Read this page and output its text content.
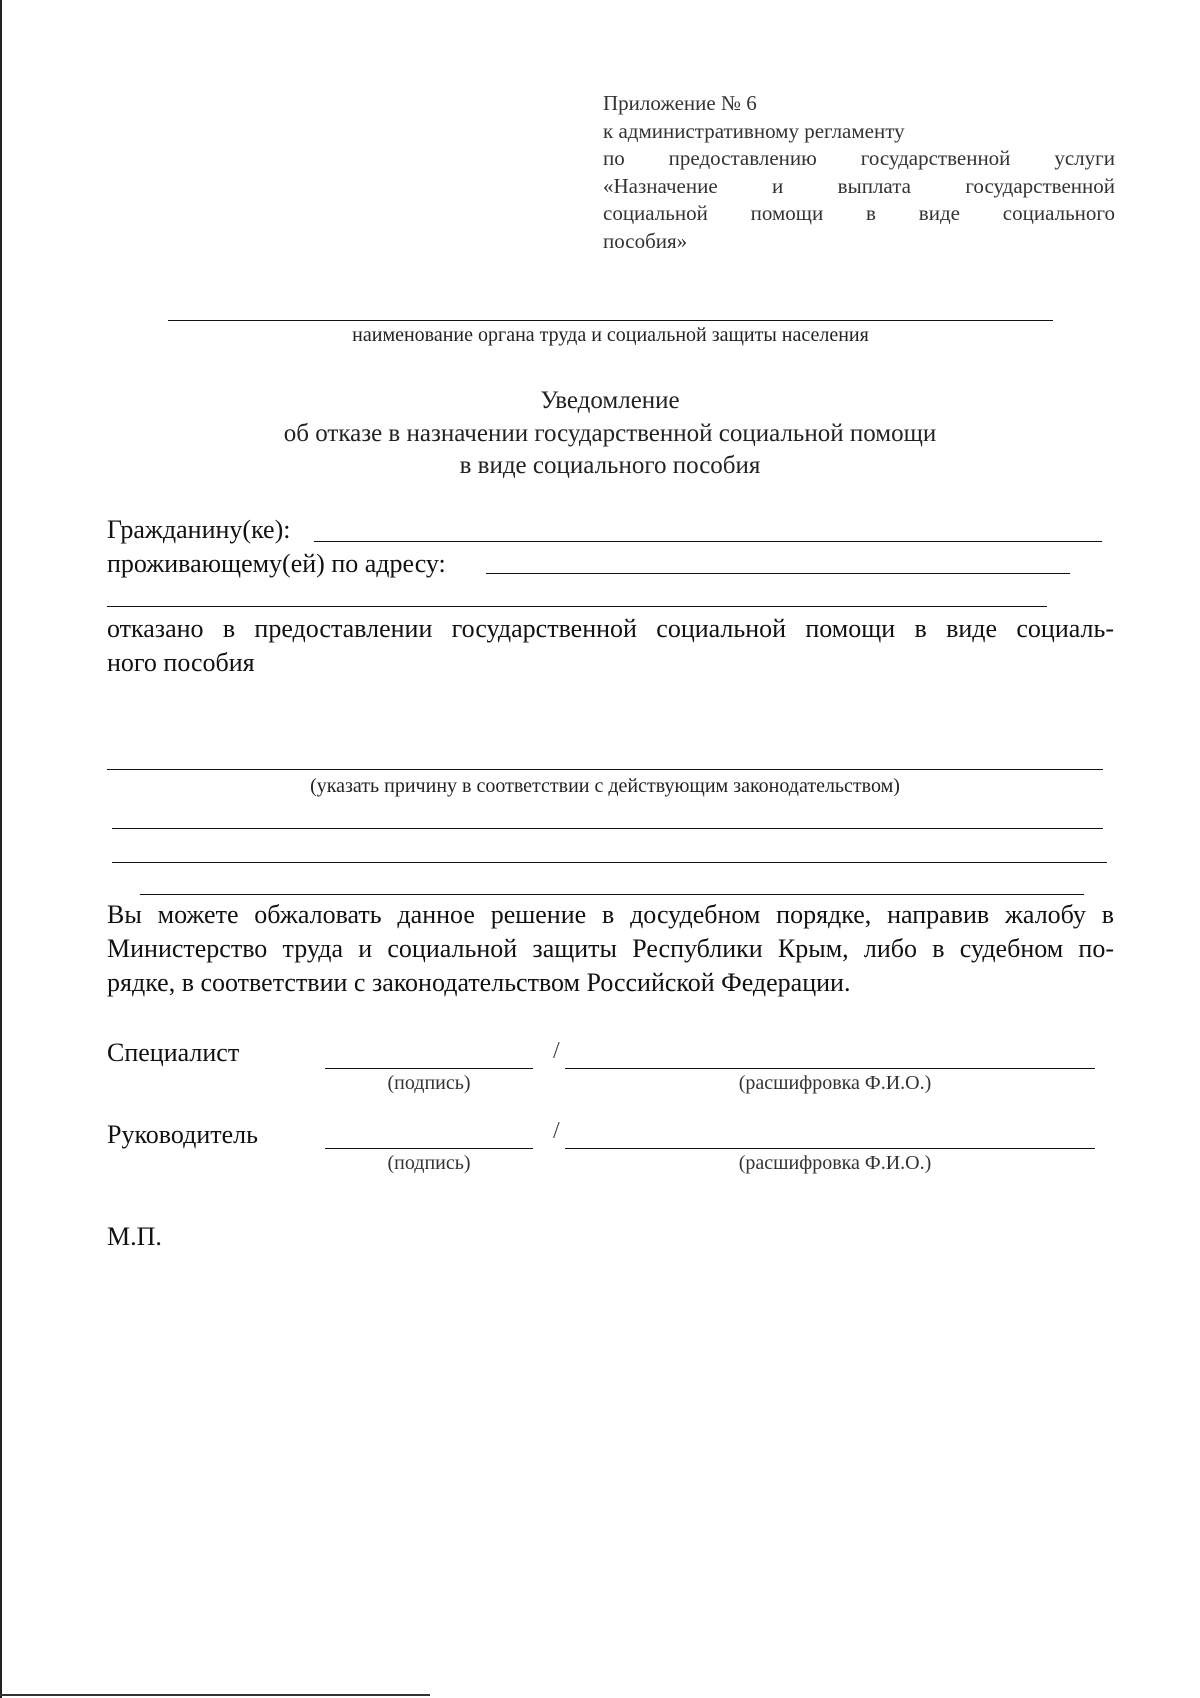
Приложение № 6
к административному регламенту
по предоставлению государственной услуги
«Назначение и выплата государственной
социальной помощи в виде социального
пособия»
наименование органа труда и социальной защиты населения
Уведомление
об отказе в назначении государственной социальной помощи
в виде социального пособия
Гражданину(ке):
проживающему(ей) по адресу:
отказано в предоставлении государственной социальной помощи в виде социаль-
ного пособия
(указать причину в соответствии с действующим законодательством)
Вы можете обжаловать данное решение в досудебном порядке, направив жалобу в
Министерство труда и социальной защиты Республики Крым, либо в судебном по-
рядке, в соответствии с законодательством Российской Федерации.
Специалист	/
(подпись)	(расшифровка Ф.И.О.)
Руководитель	/
(подпись)	(расшифровка Ф.И.О.)
М.П.
